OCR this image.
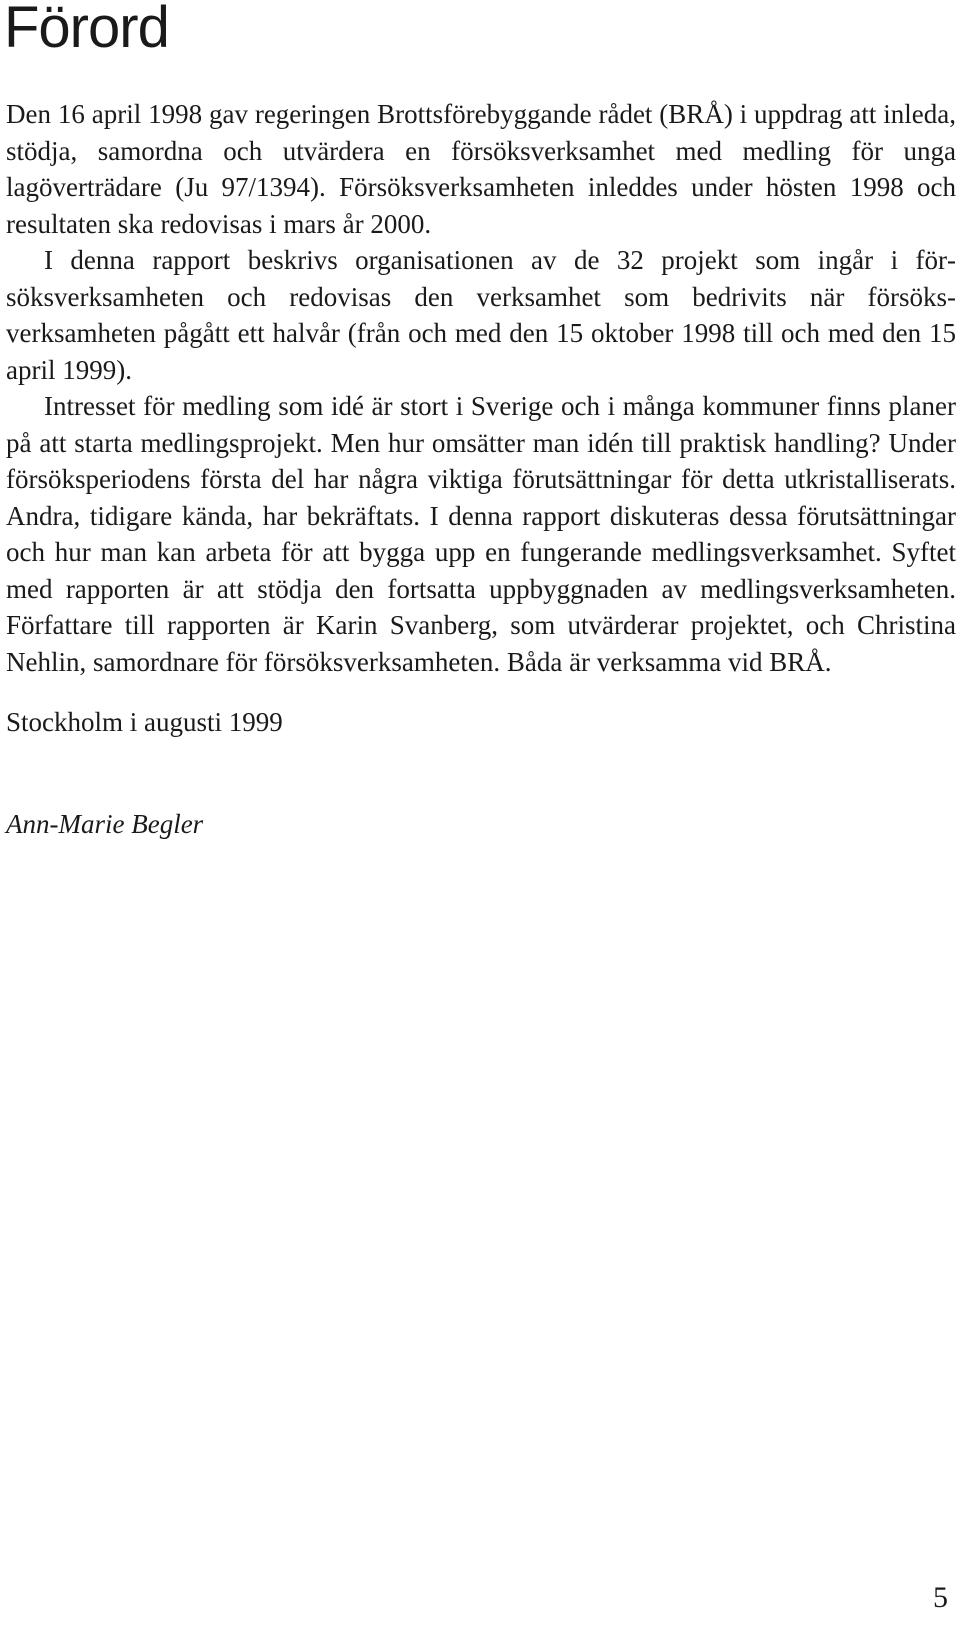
Förord

Den 16 april 1998 gav regeringen Brottsförebyggande rådet (BRÅ) i uppdrag att inleda, stödja, samordna och utvärdera en försöksverksamhet med medling för unga lagöverträdare (Ju 97/1394). Försöksverksamheten inleddes under hösten 1998 och resultaten ska redovisas i mars år 2000.

I denna rapport beskrivs organisationen av de 32 projekt som ingår i försöksverksamheten och redovisas den verksamhet som bedrivits när försöksverksamheten pågått ett halvår (från och med den 15 oktober 1998 till och med den 15 april 1999).

Intresset för medling som idé är stort i Sverige och i många kommuner finns planer på att starta medlingsprojekt. Men hur omsätter man idén till praktisk handling? Under försöksperiodens första del har några viktiga förutsättningar för detta utkristalliserats. Andra, tidigare kända, har bekräftats. I denna rapport diskuteras dessa förutsättningar och hur man kan arbeta för att bygga upp en fungerande medlingsverksamhet. Syftet med rapporten är att stödja den fortsatta uppbyggnaden av medlingsverksamheten. Författare till rapporten är Karin Svanberg, som utvärderar projektet, och Christina Nehlin, samordnare för försöksverksamheten. Båda är verksamma vid BRÅ.

Stockholm i augusti 1999

Ann-Marie Begler

5
